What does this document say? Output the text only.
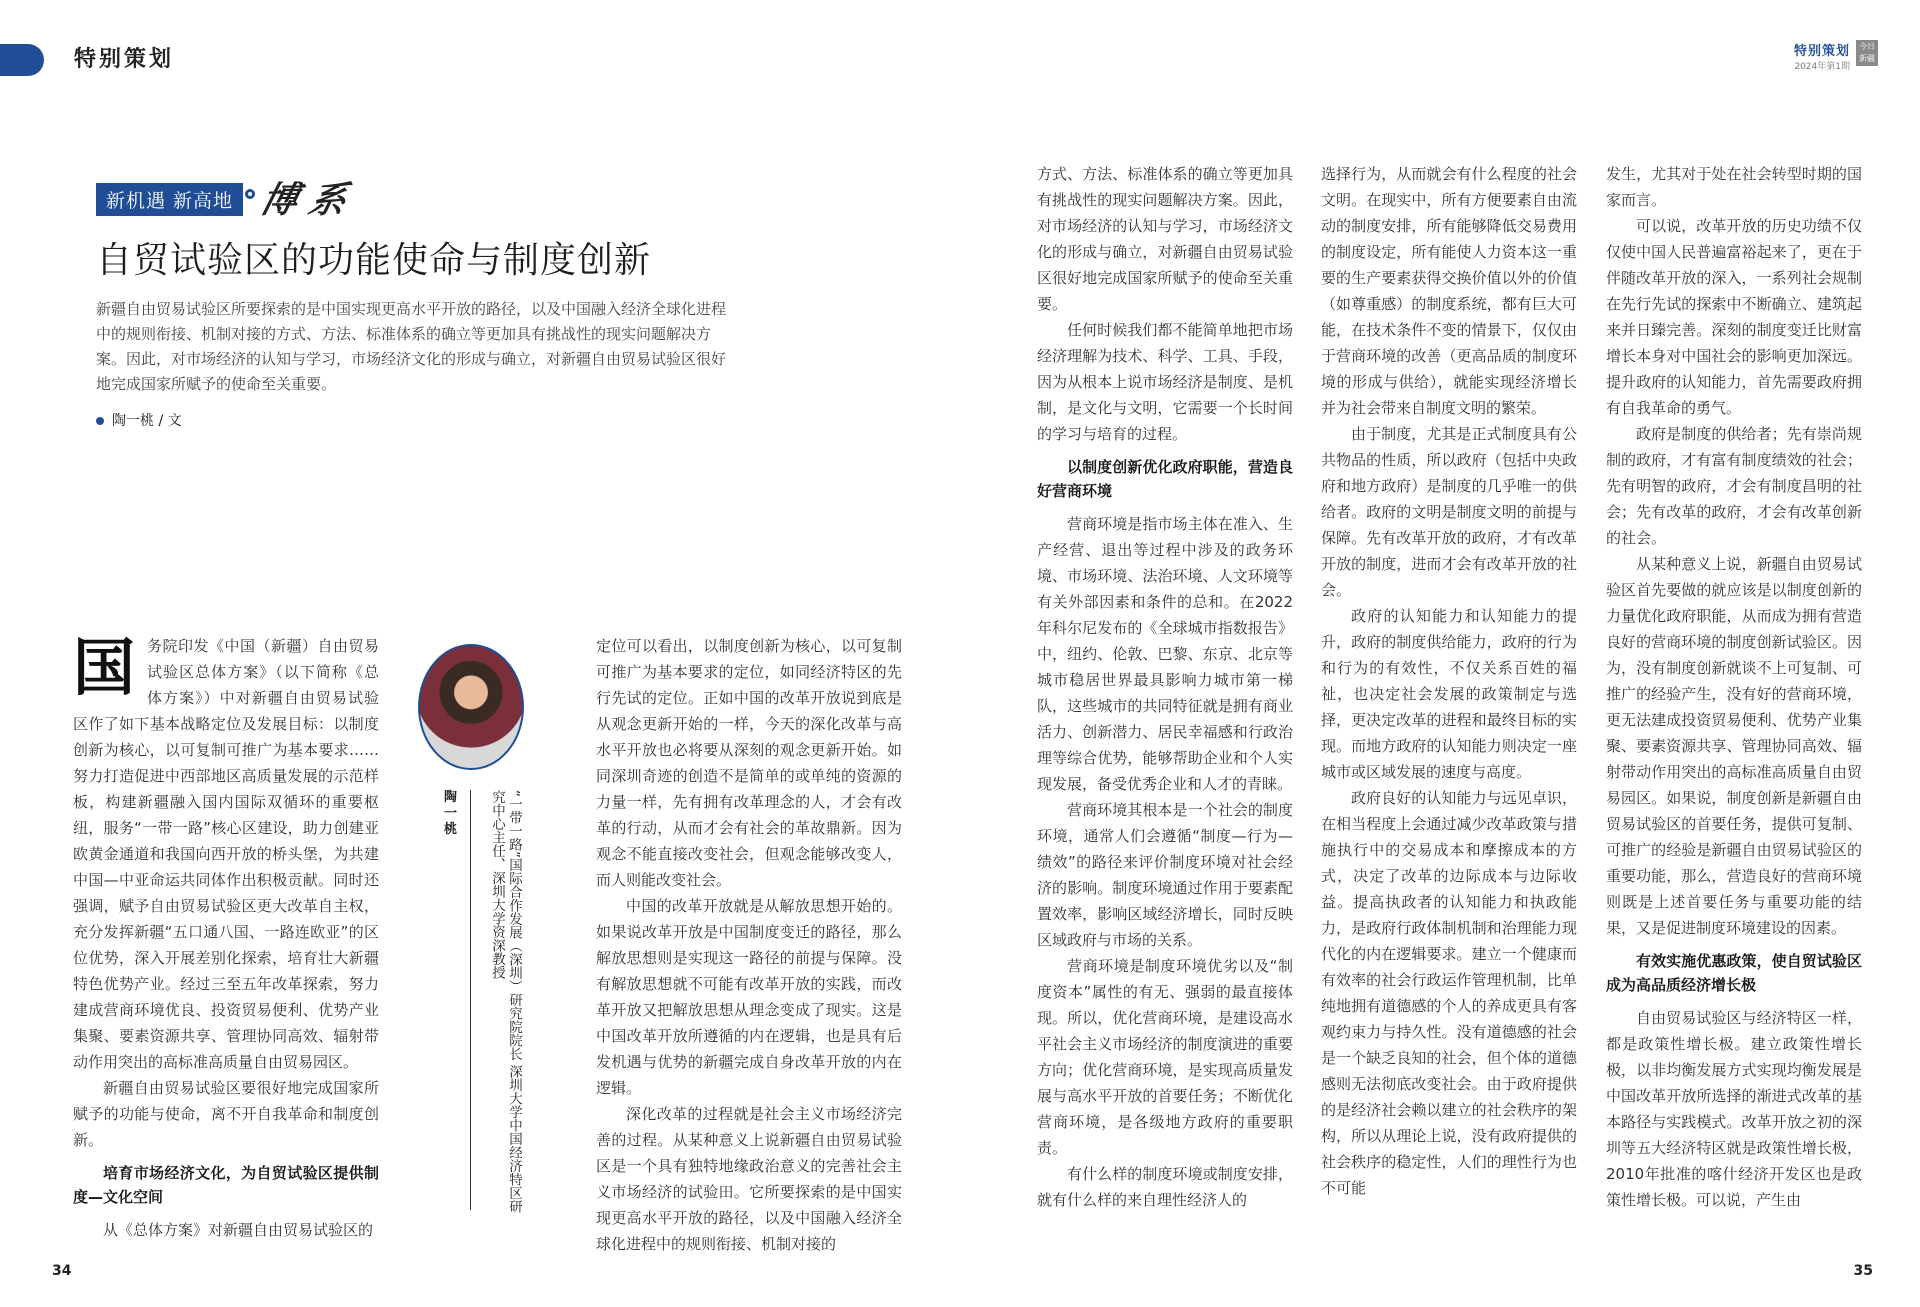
特别策划	特别策划
2024年第1期
今日新疆
新机遇 新高地 ○ 博 系
自贸试验区的功能使命与制度创新
新疆自由贸易试验区所要探索的是中国实现更高水平开放的路径，以及中国融入经济全球化进程中的规则衔接、机制对接的方式、方法、标准体系的确立等更加具有挑战性的现实问题解决方案。因此，对市场经济的认知与学习，市场经济文化的形成与确立，对新疆自由贸易试验区很好地完成国家所赋予的使命至关重要。
陶一桃 / 文
陶一桃	“一带一路”国际合作发展（深圳）研究院院长 深圳大学中国经济特区研究中心主任、深圳大学资深教授

国务院印发《中国（新疆）自由贸易试验区总体方案》（以下简称《总体方案》）中对新疆自由贸易试验区作了如下基本战略定位及发展目标：以制度创新为核心，以可复制可推广为基本要求……努力打造促进中西部地区高质量发展的示范样板，构建新疆融入国内国际双循环的重要枢纽，服务“一带一路”核心区建设，助力创建亚欧黄金通道和我国向西开放的桥头堡，为共建中国—中亚命运共同体作出积极贡献。同时还强调，赋予自由贸易试验区更大改革自主权，充分发挥新疆“五口通八国、一路连欧亚”的区位优势，深入开展差别化探索，培育壮大新疆特色优势产业。经过三至五年改革探索，努力建成营商环境优良、投资贸易便利、优势产业集聚、要素资源共享、管理协同高效、辐射带动作用突出的高标准高质量自由贸易园区。

新疆自由贸易试验区要很好地完成国家所赋予的功能与使命，离不开自我革命和制度创新。

培育市场经济文化，为自贸试验区提供制度—文化空间

从《总体方案》对新疆自由贸易试验区的

定位可以看出，以制度创新为核心，以可复制可推广为基本要求的定位，如同经济特区的先行先试的定位。正如中国的改革开放说到底是从观念更新开始的一样，今天的深化改革与高水平开放也必将要从深刻的观念更新开始。如同深圳奇迹的创造不是简单的或单纯的资源的力量一样，先有拥有改革理念的人，才会有改革的行动，从而才会有社会的革故鼎新。因为观念不能直接改变社会，但观念能够改变人，而人则能改变社会。

中国的改革开放就是从解放思想开始的。如果说改革开放是中国制度变迁的路径，那么解放思想则是实现这一路径的前提与保障。没有解放思想就不可能有改革开放的实践，而改革开放又把解放思想从理念变成了现实。这是中国改革开放所遵循的内在逻辑，也是具有后发机遇与优势的新疆完成自身改革开放的内在逻辑。

深化改革的过程就是社会主义市场经济完善的过程。从某种意义上说新疆自由贸易试验区是一个具有独特地缘政治意义的完善社会主义市场经济的试验田。它所要探索的是中国实现更高水平开放的路径，以及中国融入经济全球化进程中的规则衔接、机制对接的

方式、方法、标准体系的确立等更加具有挑战性的现实问题解决方案。因此，对市场经济的认知与学习，市场经济文化的形成与确立，对新疆自由贸易试验区很好地完成国家所赋予的使命至关重要。

任何时候我们都不能简单地把市场经济理解为技术、科学、工具、手段，因为从根本上说市场经济是制度、是机制，是文化与文明，它需要一个长时间的学习与培育的过程。

以制度创新优化政府职能，营造良好营商环境

营商环境是指市场主体在准入、生产经营、退出等过程中涉及的政务环境、市场环境、法治环境、人文环境等有关外部因素和条件的总和。在2022年科尔尼发布的《全球城市指数报告》中，纽约、伦敦、巴黎、东京、北京等城市稳居世界最具影响力城市第一梯队，这些城市的共同特征就是拥有商业活力、创新潜力、居民幸福感和行政治理等综合优势，能够帮助企业和个人实现发展，备受优秀企业和人才的青睐。

营商环境其根本是一个社会的制度环境，通常人们会遵循“制度—行为—绩效”的路径来评价制度环境对社会经济的影响。制度环境通过作用于要素配置效率，影响区域经济增长，同时反映区域政府与市场的关系。

营商环境是制度环境优劣以及“制度资本”属性的有无、强弱的最直接体现。所以，优化营商环境，是建设高水平社会主义市场经济的制度演进的重要方向；优化营商环境，是实现高质量发展与高水平开放的首要任务；不断优化营商环境，是各级地方政府的重要职责。

有什么样的制度环境或制度安排，就有什么样的来自理性经济人的

选择行为，从而就会有什么程度的社会文明。在现实中，所有方便要素自由流动的制度安排，所有能够降低交易费用的制度设定，所有能使人力资本这一重要的生产要素获得交换价值以外的价值（如尊重感）的制度系统，都有巨大可能，在技术条件不变的情景下，仅仅由于营商环境的改善（更高品质的制度环境的形成与供给），就能实现经济增长并为社会带来自制度文明的繁荣。

由于制度，尤其是正式制度具有公共物品的性质，所以政府（包括中央政府和地方政府）是制度的几乎唯一的供给者。政府的文明是制度文明的前提与保障。先有改革开放的政府，才有改革开放的制度，进而才会有改革开放的社会。

政府的认知能力和认知能力的提升，政府的制度供给能力，政府的行为和行为的有效性，不仅关系百姓的福祉，也决定社会发展的政策制定与选择，更决定改革的进程和最终目标的实现。而地方政府的认知能力则决定一座城市或区域发展的速度与高度。

政府良好的认知能力与远见卓识，在相当程度上会通过减少改革政策与措施执行中的交易成本和摩擦成本的方式，决定了改革的边际成本与边际收益。提高执政者的认知能力和执政能力，是政府行政体制机制和治理能力现代化的内在逻辑要求。建立一个健康而有效率的社会行政运作管理机制，比单纯地拥有道德感的个人的养成更具有客观约束力与持久性。没有道德感的社会是一个缺乏良知的社会，但个体的道德感则无法彻底改变社会。由于政府提供的是经济社会赖以建立的社会秩序的架构，所以从理论上说，没有政府提供的社会秩序的稳定性，人们的理性行为也不可能

发生，尤其对于处在社会转型时期的国家而言。

可以说，改革开放的历史功绩不仅仅使中国人民普遍富裕起来了，更在于伴随改革开放的深入，一系列社会规制在先行先试的探索中不断确立、建筑起来并日臻完善。深刻的制度变迁比财富增长本身对中国社会的影响更加深远。提升政府的认知能力，首先需要政府拥有自我革命的勇气。

政府是制度的供给者；先有崇尚规制的政府，才有富有制度绩效的社会；先有明智的政府，才会有制度昌明的社会；先有改革的政府，才会有改革创新的社会。

从某种意义上说，新疆自由贸易试验区首先要做的就应该是以制度创新的力量优化政府职能，从而成为拥有营造良好的营商环境的制度创新试验区。因为，没有制度创新就谈不上可复制、可推广的经验产生，没有好的营商环境，更无法建成投资贸易便利、优势产业集聚、要素资源共享、管理协同高效、辐射带动作用突出的高标准高质量自由贸易园区。如果说，制度创新是新疆自由贸易试验区的首要任务，提供可复制、可推广的经验是新疆自由贸易试验区的重要功能，那么，营造良好的营商环境则既是上述首要任务与重要功能的结果，又是促进制度环境建设的因素。

有效实施优惠政策，使自贸试验区成为高品质经济增长极

自由贸易试验区与经济特区一样，都是政策性增长极。建立政策性增长极，以非均衡发展方式实现均衡发展是中国改革开放所选择的渐进式改革的基本路径与实践模式。改革开放之初的深圳等五大经济特区就是政策性增长极，2010年批准的喀什经济开发区也是政策性增长极。可以说，产生由

34	35
